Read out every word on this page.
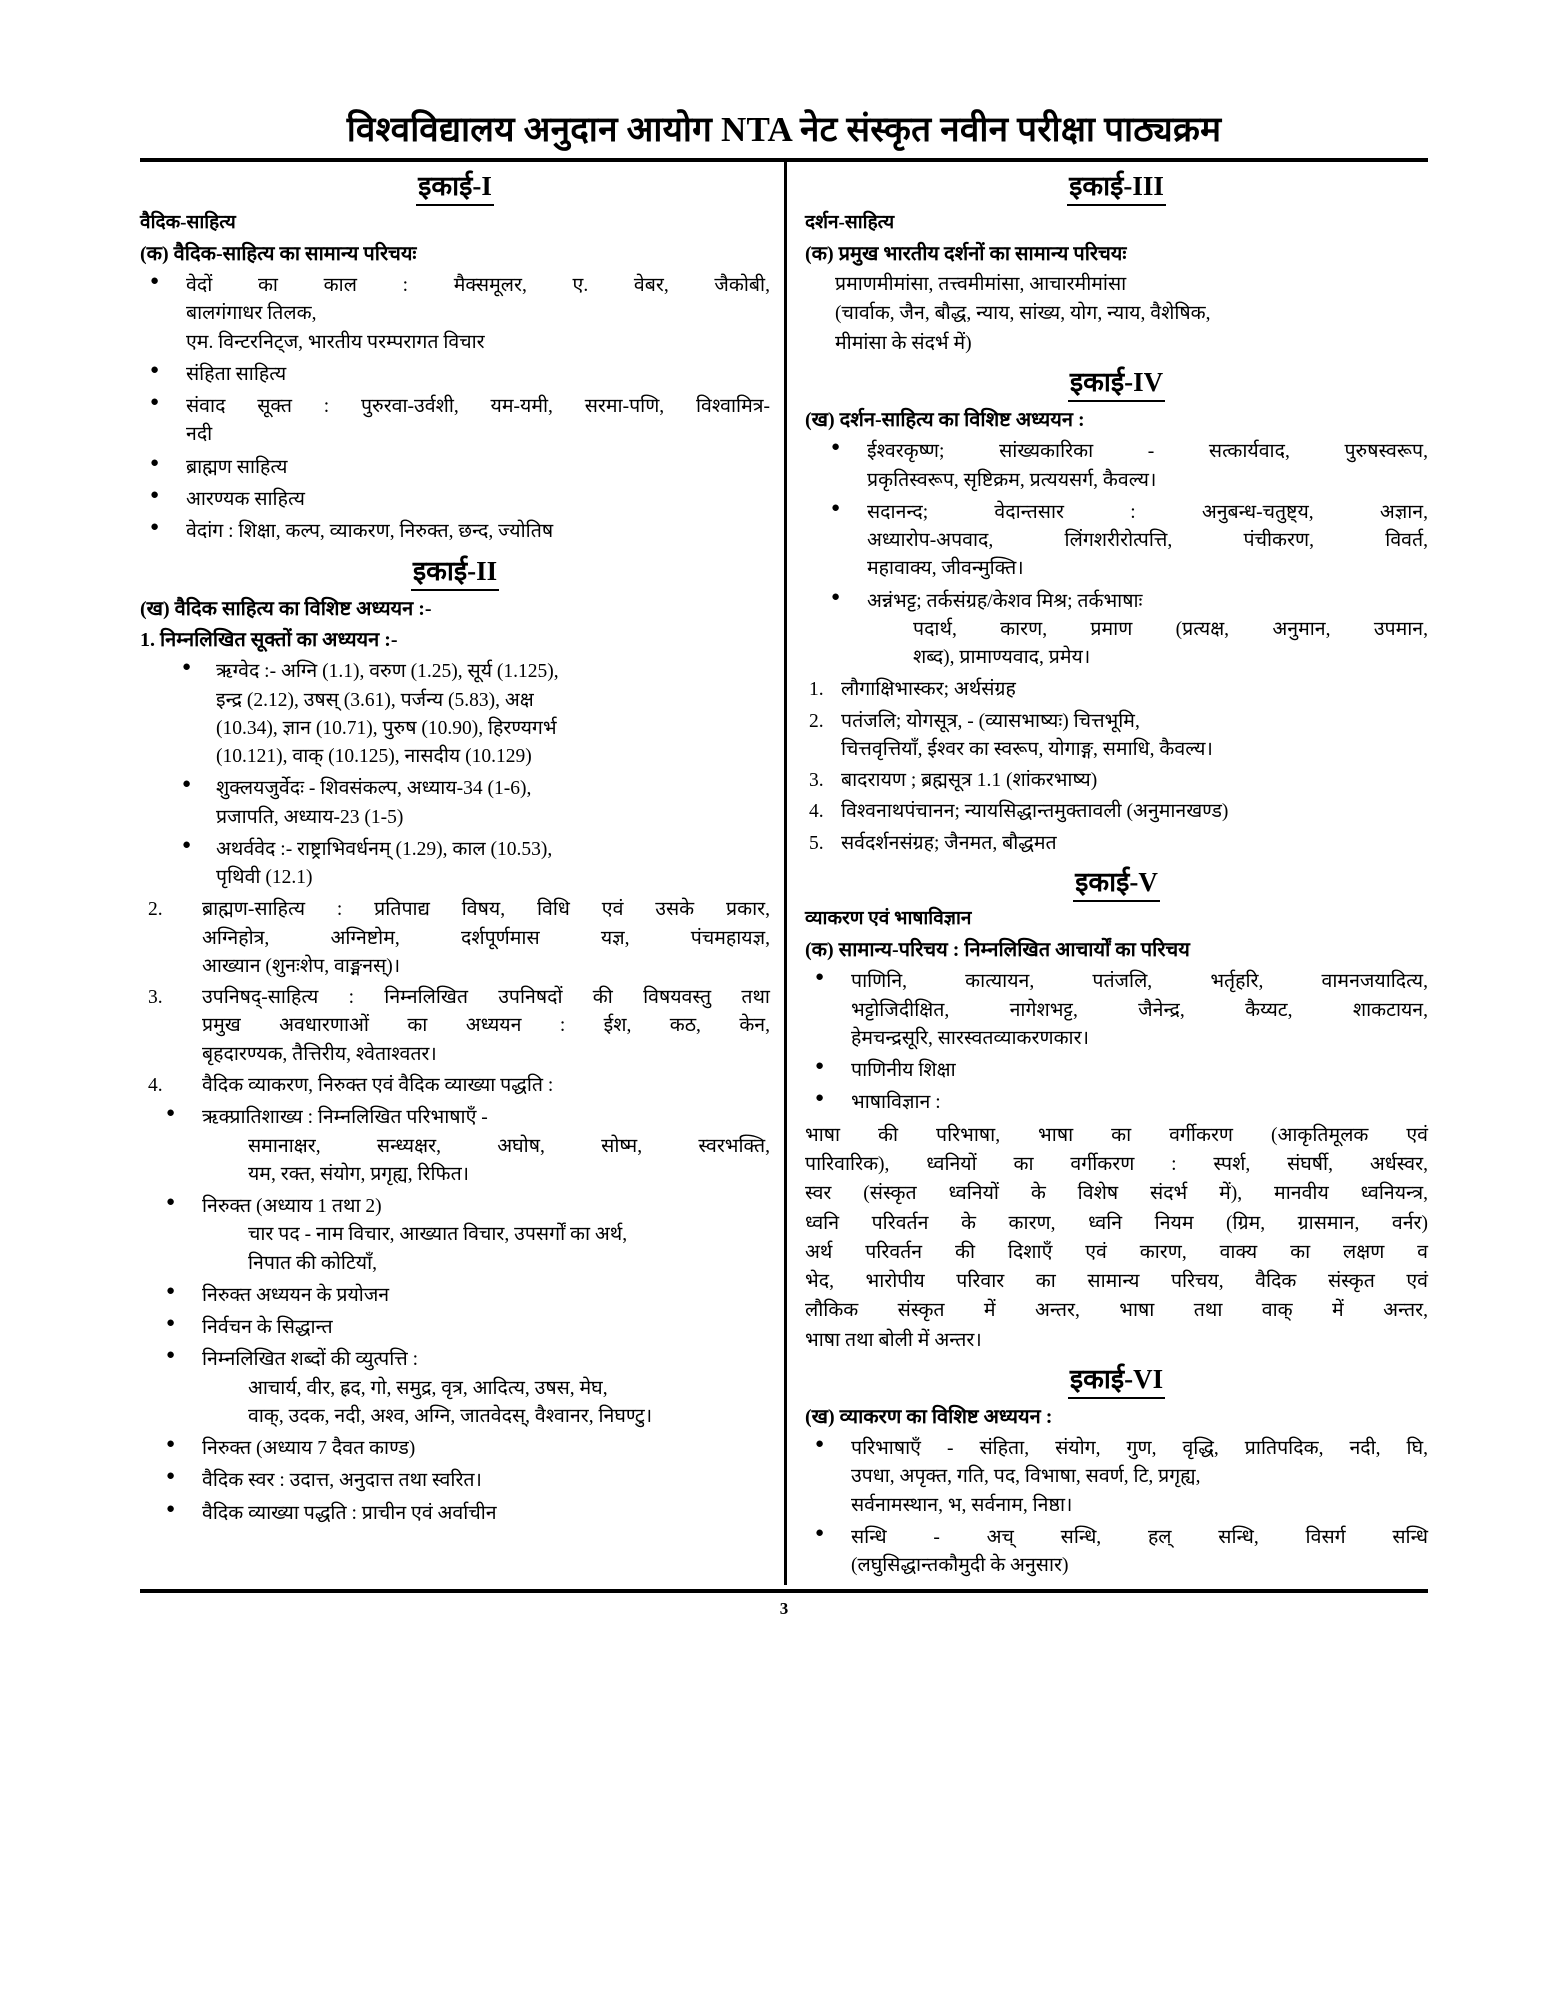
विश्वविद्यालय अनुदान आयोग NTA नेट संस्कृत नवीन परीक्षा पाठ्यक्रम
इकाई-I
वैदिक-साहित्य
(क) वैदिक-साहित्य का सामान्य परिचयः
● वेदों का काल : मैक्समूलर, ए. वेबर, जैकोबी,
बालगंगाधर तिलक,
एम. विन्टरनिट्ज, भारतीय परम्परागत विचार
● संहिता साहित्य
● संवाद सूक्त : पुरुरवा-उर्वशी, यम-यमी, सरमा-पणि, विश्वामित्र-
नदी
● ब्राह्मण साहित्य
● आरण्यक साहित्य
● वेदांग : शिक्षा, कल्प, व्याकरण, निरुक्त, छन्द, ज्योतिष
इकाई-II
(ख) वैदिक साहित्य का विशिष्ट अध्ययन :-
1. निम्नलिखित सूक्तों का अध्ययन :-
● ऋग्वेद :- अग्नि (1.1), वरुण (1.25), सूर्य (1.125),
इन्द्र (2.12), उषस् (3.61), पर्जन्य (5.83), अक्ष
(10.34), ज्ञान (10.71), पुरुष (10.90), हिरण्यगर्भ
(10.121), वाक् (10.125), नासदीय (10.129)
● शुक्लयजुर्वेदः - शिवसंकल्प, अध्याय-34 (1-6),
प्रजापति, अध्याय-23 (1-5)
● अथर्ववेद :- राष्ट्राभिवर्धनम् (1.29), काल (10.53),
पृथिवी (12.1)
ब्राह्मण-साहित्य : प्रतिपाद्य विषय, विधि एवं उसके प्रकार,
अग्निहोत्र, अग्निष्टोम, दर्शपूर्णमास यज्ञ, पंचमहायज्ञ,
आख्यान (शुनःशेप, वाङ्मनस्)।
उपनिषद्-साहित्य : निम्नलिखित उपनिषदों की विषयवस्तु तथा
प्रमुख अवधारणाओं का अध्ययन : ईश, कठ, केन,
बृहदारण्यक, तैत्तिरीय, श्वेताश्वतर।
वैदिक व्याकरण, निरुक्त एवं वैदिक व्याख्या पद्धति :
● ऋक्प्रातिशाख्य : निम्नलिखित परिभाषाएँ -
समानाक्षर, सन्ध्यक्षर, अघोष, सोष्म, स्वरभक्ति,
यम, रक्त, संयोग, प्रगृह्य, रिफित।
● निरुक्त (अध्याय 1 तथा 2)
चार पद - नाम विचार, आख्यात विचार, उपसर्गों का अर्थ,
निपात की कोटियाँ,
● निरुक्त अध्ययन के प्रयोजन
● निर्वचन के सिद्धान्त
● निम्नलिखित शब्दों की व्युत्पत्ति :
आचार्य, वीर, ह्रद, गो, समुद्र, वृत्र, आदित्य, उषस, मेघ,
वाक्, उदक, नदी, अश्व, अग्नि, जातवेदस्, वैश्वानर, निघण्टु।
● निरुक्त (अध्याय 7 दैवत काण्ड)
● वैदिक स्वर : उदात्त, अनुदात्त तथा स्वरित।
● वैदिक व्याख्या पद्धति : प्राचीन एवं अर्वाचीन
इकाई-III
दर्शन-साहित्य
(क) प्रमुख भारतीय दर्शनों का सामान्य परिचयः
प्रमाणमीमांसा, तत्त्वमीमांसा, आचारमीमांसा
(चार्वाक, जैन, बौद्ध, न्याय, सांख्य, योग, न्याय, वैशेषिक,
मीमांसा के संदर्भ में)
इकाई-IV
(ख) दर्शन-साहित्य का विशिष्ट अध्ययन :
● ईश्वरकृष्ण; सांख्यकारिका - सत्कार्यवाद, पुरुषस्वरूप,
प्रकृतिस्वरूप, सृष्टिक्रम, प्रत्ययसर्ग, कैवल्य।
● सदानन्द; वेदान्तसार : अनुबन्ध-चतुष्ट्य, अज्ञान,
अध्यारोप-अपवाद, लिंगशरीरोत्पत्ति, पंचीकरण, विवर्त,
महावाक्य, जीवन्मुक्ति।
● अन्नंभट्ट; तर्कसंग्रह/केशव मिश्र; तर्कभाषाः
पदार्थ, कारण, प्रमाण (प्रत्यक्ष, अनुमान, उपमान,
शब्द), प्रामाण्यवाद, प्रमेय।
लौगाक्षिभास्कर; अर्थसंग्रह
पतंजलि; योगसूत्र, - (व्यासभाष्यः) चित्तभूमि,
चित्तवृत्तियाँ, ईश्वर का स्वरूप, योगाङ्ग, समाधि, कैवल्य।
बादरायण ; ब्रह्मसूत्र 1.1 (शांकरभाष्य)
विश्वनाथपंचानन; न्यायसिद्धान्तमुक्तावली (अनुमानखण्ड)
सर्वदर्शनसंग्रह; जैनमत, बौद्धमत
इकाई-V
व्याकरण एवं भाषाविज्ञान
(क) सामान्य-परिचय : निम्नलिखित आचार्यों का परिचय
● पाणिनि, कात्यायन, पतंजलि, भर्तृहरि, वामनजयादित्य,
भट्टोजिदीक्षित, नागेशभट्ट, जैनेन्द्र, कैय्यट, शाकटायन,
हेमचन्द्रसूरि, सारस्वतव्याकरणकार।
● पाणिनीय शिक्षा
● भाषाविज्ञान :
भाषा की परिभाषा, भाषा का वर्गीकरण (आकृतिमूलक एवं
पारिवारिक), ध्वनियों का वर्गीकरण : स्पर्श, संघर्षी, अर्धस्वर,
स्वर (संस्कृत ध्वनियों के विशेष संदर्भ में), मानवीय ध्वनियन्त्र,
ध्वनि परिवर्तन के कारण, ध्वनि नियम (ग्रिम, ग्रासमान, वर्नर)
अर्थ परिवर्तन की दिशाएँ एवं कारण, वाक्य का लक्षण व
भेद, भारोपीय परिवार का सामान्य परिचय, वैदिक संस्कृत एवं
लौकिक संस्कृत में अन्तर, भाषा तथा वाक् में अन्तर,
भाषा तथा बोली में अन्तर।
इकाई-VI
(ख) व्याकरण का विशिष्ट अध्ययन :
● परिभाषाएँ - संहिता, संयोग, गुण, वृद्धि, प्रातिपदिक, नदी, घि,
उपधा, अपृक्त, गति, पद, विभाषा, सवर्ण, टि, प्रगृह्य,
सर्वनामस्थान, भ, सर्वनाम, निष्ठा।
● सन्धि - अच् सन्धि, हल् सन्धि, विसर्ग सन्धि
(लघुसिद्धान्तकौमुदी के अनुसार)
3
